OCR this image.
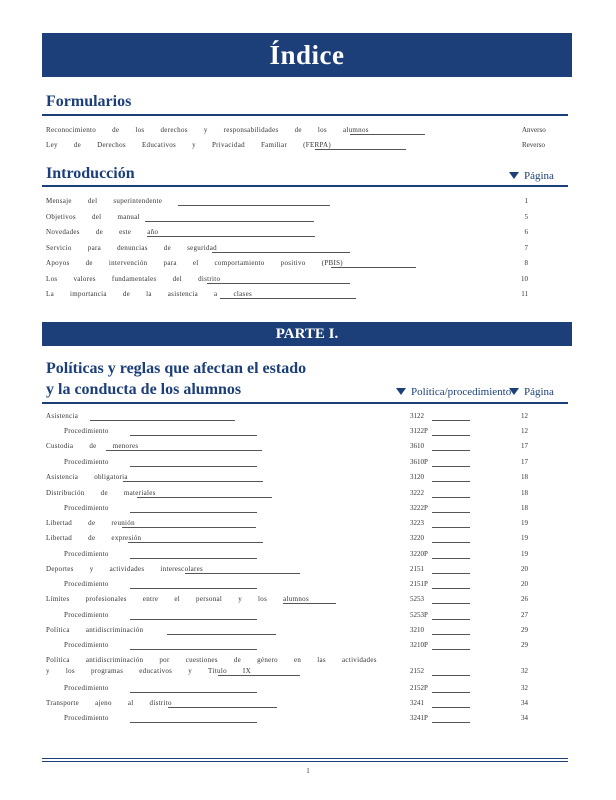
Índice
Formularios
Reconocimiento de los derechos y responsabilidades de los alumnos	Anverso
Ley de Derechos Educativos y Privacidad Familiar (FERPA)	Reverso
Introducción	Página
Mensaje del superintendente	1
Objetivos del manual	5
Novedades de este año	6
Servicio para denuncias de seguridad	7
Apoyos de intervención para el comportamiento positivo (PBIS)	8
Los valores fundamentales del distrito	10
La importancia de la asistencia a clases	11
PARTE I.
Políticas y reglas que afectan el estado
y la conducta de los alumnos	Política/procedimiento	Página
Asistencia	3122	12
Procedimiento	3122P	12
Custodia de menores	3610	17
Procedimiento	3610P	17
Asistencia obligatoria	3120	18
Distribución de materiales	3222	18
Procedimiento	3222P	18
Libertad de reunión	3223	19
Libertad de expresión	3220	19
Procedimiento	3220P	19
Deportes y actividades interescolares	2151	20
Procedimiento	2151P	20
Límites profesionales entre el personal y los alumnos	5253	26
Procedimiento	5253P	27
Política antidiscriminación	3210	29
Procedimiento	3210P	29
Política antidiscriminación por cuestiones de género en las actividades
y los programas educativos y Título IX	2152	32
Procedimiento	2152P	32
Transporte ajeno al distrito	3241	34
Procedimiento	3241P	34
1
